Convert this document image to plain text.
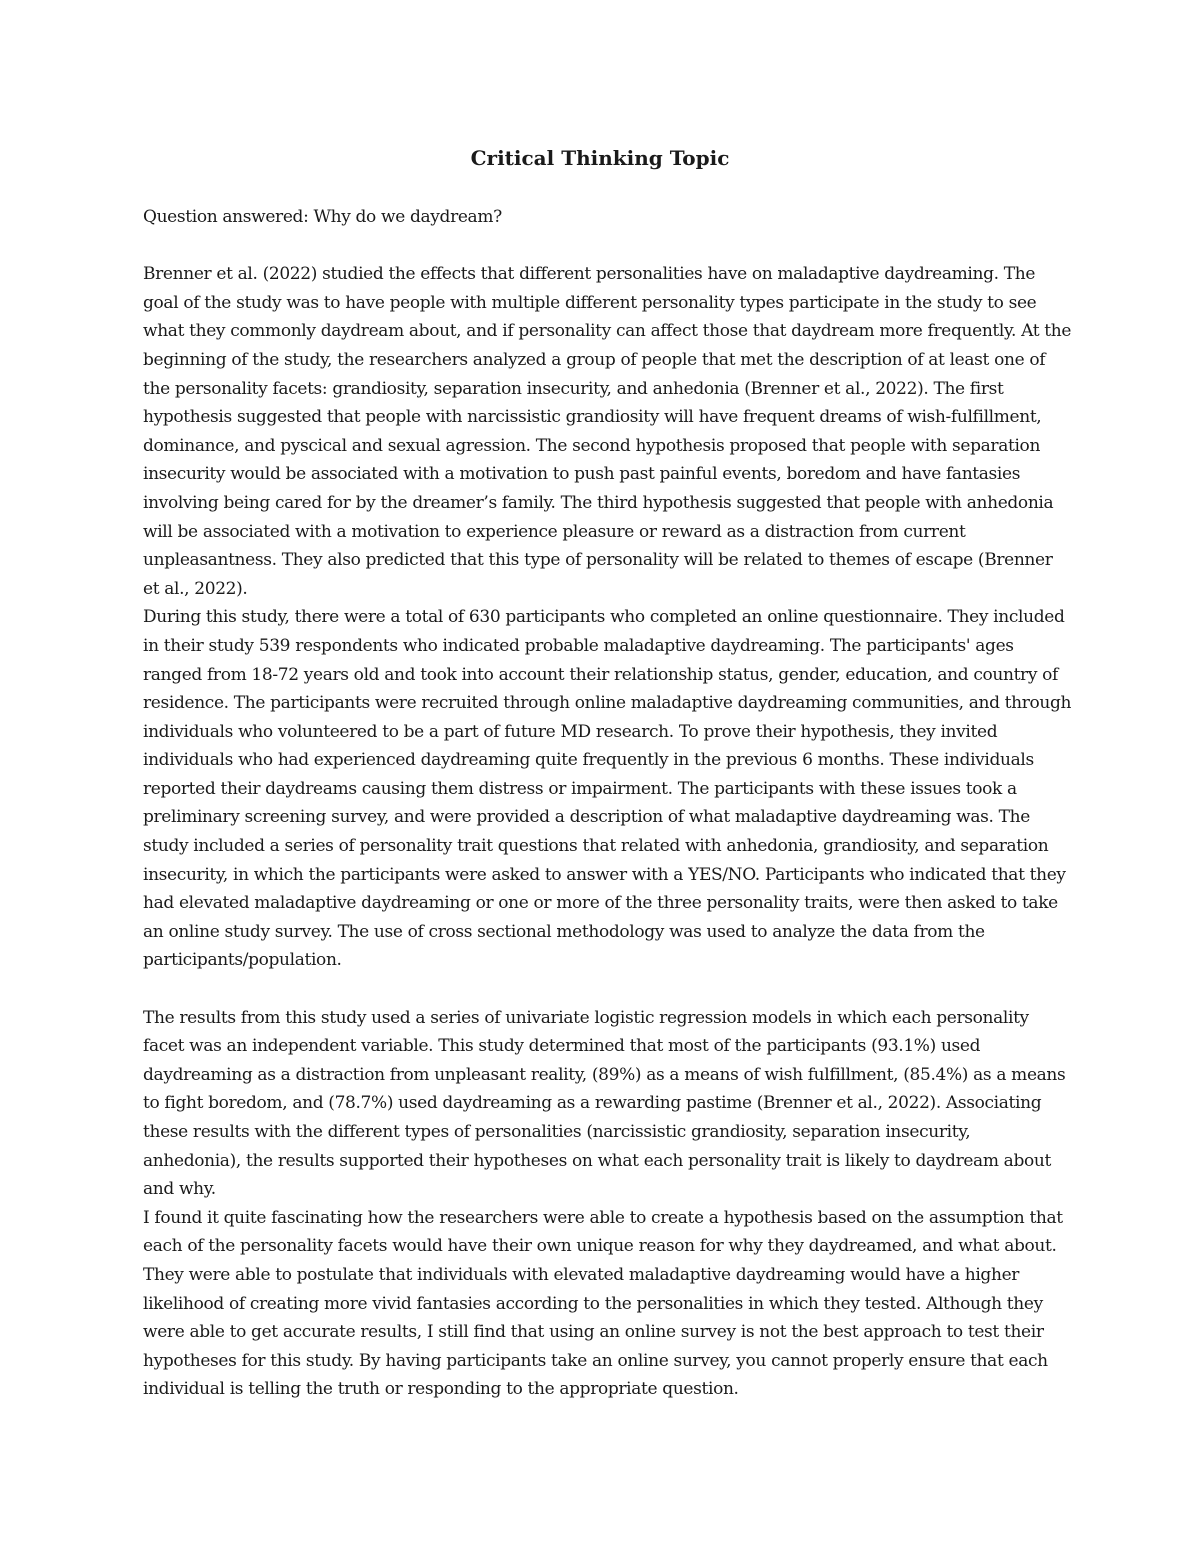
Critical Thinking Topic

Question answered: Why do we daydream?

Brenner et al. (2022) studied the effects that different personalities have on maladaptive daydreaming. The goal of the study was to have people with multiple different personality types participate in the study to see what they commonly daydream about, and if personality can affect those that daydream more frequently. At the beginning of the study, the researchers analyzed a group of people that met the description of at least one of the personality facets: grandiosity, separation insecurity, and anhedonia (Brenner et al., 2022). The first hypothesis suggested that people with narcissistic grandiosity will have frequent dreams of wish-fulfillment, dominance, and pyscical and sexual agression. The second hypothesis proposed that people with separation insecurity would be associated with a motivation to push past painful events, boredom and have fantasies involving being cared for by the dreamer’s family. The third hypothesis suggested that people with anhedonia will be associated with a motivation to experience pleasure or reward as a distraction from current unpleasantness. They also predicted that this type of personality will be related to themes of escape (Brenner et al., 2022).

During this study, there were a total of 630 participants who completed an online questionnaire. They included in their study 539 respondents who indicated probable maladaptive daydreaming. The participants' ages ranged from 18-72 years old and took into account their relationship status, gender, education, and country of residence. The participants were recruited through online maladaptive daydreaming communities, and through individuals who volunteered to be a part of future MD research. To prove their hypothesis, they invited individuals who had experienced daydreaming quite frequently in the previous 6 months. These individuals reported their daydreams causing them distress or impairment. The participants with these issues took a preliminary screening survey, and were provided a description of what maladaptive daydreaming was. The study included a series of personality trait questions that related with anhedonia, grandiosity, and separation insecurity, in which the participants were asked to answer with a YES/NO. Participants who indicated that they had elevated maladaptive daydreaming or one or more of the three personality traits, were then asked to take an online study survey. The use of cross sectional methodology was used to analyze the data from the participants/population.

The results from this study used a series of univariate logistic regression models in which each personality facet was an independent variable. This study determined that most of the participants (93.1%) used daydreaming as a distraction from unpleasant reality, (89%) as a means of wish fulfillment, (85.4%) as a means to fight boredom, and (78.7%) used daydreaming as a rewarding pastime (Brenner et al., 2022). Associating these results with the different types of personalities (narcissistic grandiosity, separation insecurity, anhedonia), the results supported their hypotheses on what each personality trait is likely to daydream about and why.

I found it quite fascinating how the researchers were able to create a hypothesis based on the assumption that each of the personality facets would have their own unique reason for why they daydreamed, and what about. They were able to postulate that individuals with elevated maladaptive daydreaming would have a higher likelihood of creating more vivid fantasies according to the personalities in which they tested. Although they were able to get accurate results, I still find that using an online survey is not the best approach to test their hypotheses for this study. By having participants take an online survey, you cannot properly ensure that each individual is telling the truth or responding to the appropriate question.
